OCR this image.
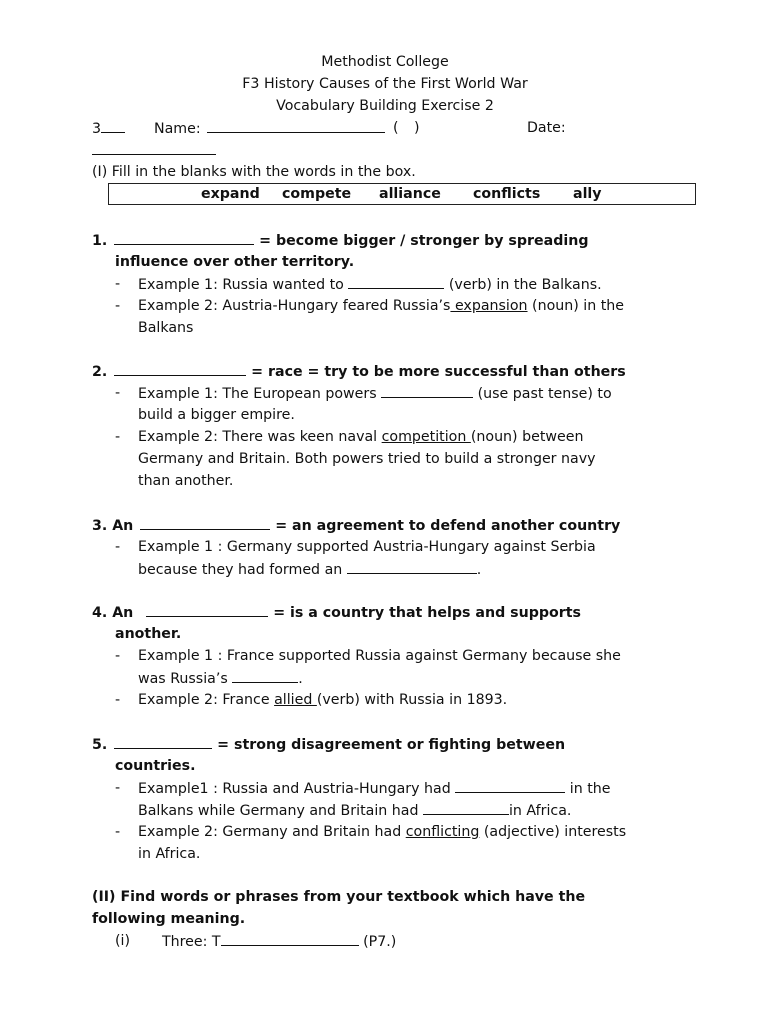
Methodist College
F3 History Causes of the First World War
Vocabulary Building Exercise 2
3	Name:	( )	Date:
(I) Fill in the blanks with the words in the box.
expand compete alliance conflicts ally
1.	= become bigger / stronger by spreading
influence over other territory.
- Example 1: Russia wanted to	(verb) in the Balkans.
- Example 2: Austria-Hungary feared Russia’s expansion (noun) in the
Balkans
2.	= race = try to be more successful than others
- Example 1: The European powers	(use past tense) to
build a bigger empire.
- Example 2: There was keen naval competition (noun) between
Germany and Britain. Both powers tried to build a stronger navy
than another.
3. An	= an agreement to defend another country
- Example 1 : Germany supported Austria-Hungary against Serbia
because they had formed an	.
4. An	= is a country that helps and supports
another.
- Example 1 : France supported Russia against Germany because she
was Russia’s	.
- Example 2: France allied (verb) with Russia in 1893.
5.	= strong disagreement or fighting between
countries.
- Example1 : Russia and Austria-Hungary had	in the
Balkans while Germany and Britain had	in Africa.
- Example 2: Germany and Britain had conflicting (adjective) interests
in Africa.
(II) Find words or phrases from your textbook which have the
following meaning.
(i) Three: T	(P7.)
